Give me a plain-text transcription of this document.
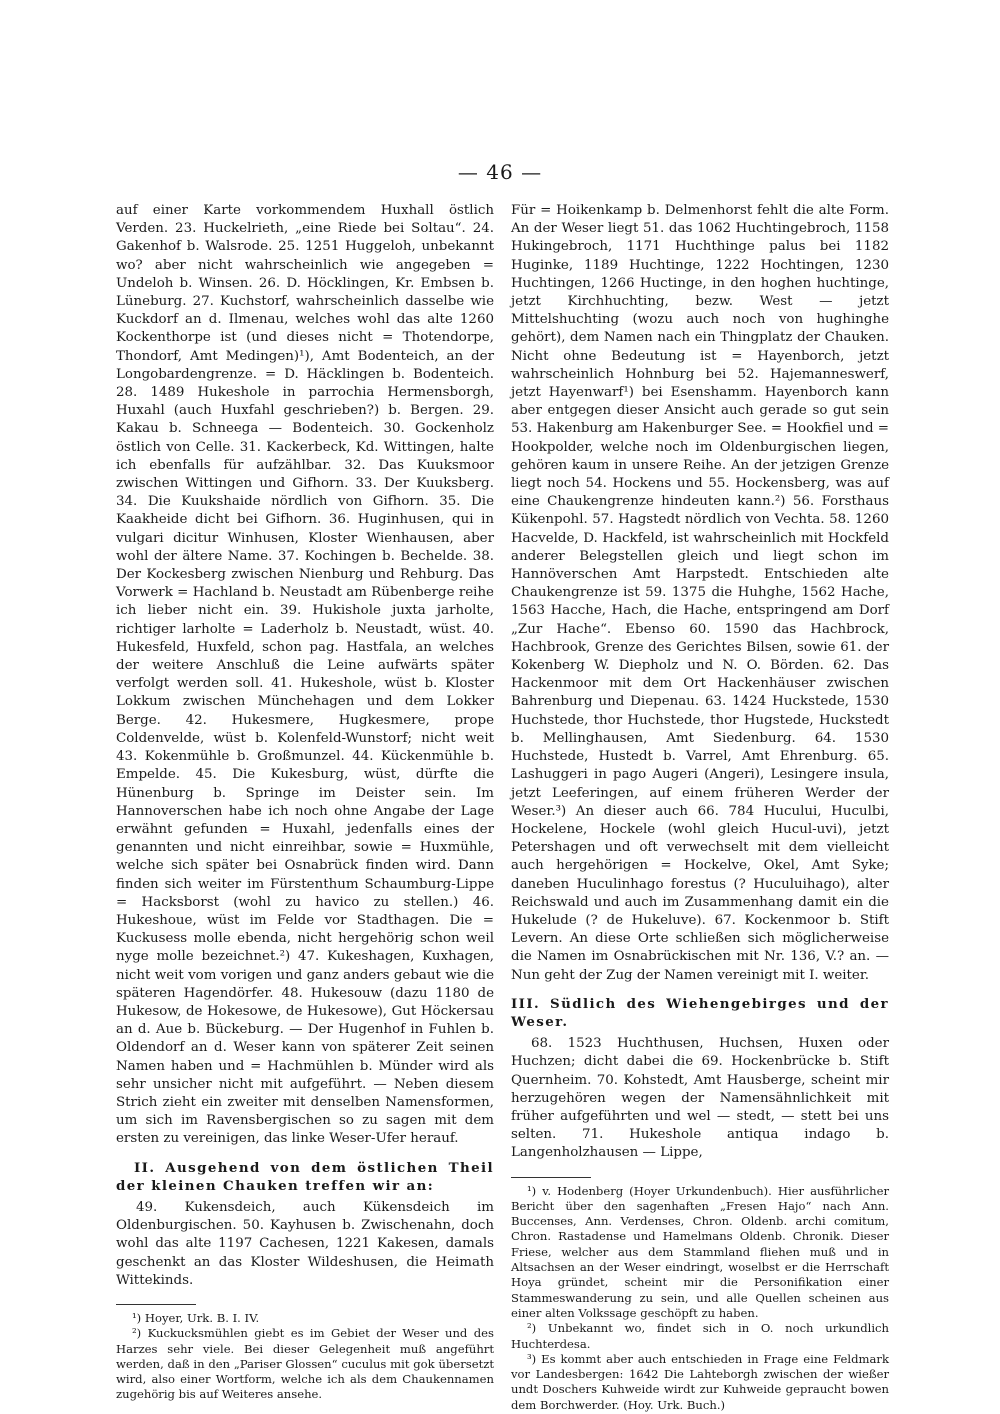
— 46 —

auf einer Karte vorkommendem Huxhall östlich Verden. 23. Huckelrieth, „eine Riede bei Soltau“. 24. Gakenhof b. Walsrode. 25. 1251 Huggeloh, unbekannt wo? aber nicht wahrscheinlich wie angegeben = Undeloh b. Winsen. 26. D. Höcklingen, Kr. Embsen b. Lüneburg. 27. Kuchstorf, wahrscheinlich dasselbe wie Kuckdorf an d. Ilmenau, welches wohl das alte 1260 Kockenthorpe ist (und dieses nicht = Thotendorpe, Thondorf, Amt Medingen)¹), Amt Bodenteich, an der Longobardengrenze. = D. Häcklingen b. Bodenteich. 28. 1489 Hukeshole in parrochia Hermensborgh, Huxahl (auch Huxfahl geschrieben?) b. Bergen. 29. Kakau b. Schneega — Bodenteich. 30. Gockenholz östlich von Celle. 31. Kackerbeck, Kd. Wittingen, halte ich ebenfalls für aufzählbar. 32. Das Kuuksmoor zwischen Wittingen und Gifhorn. 33. Der Kuuksberg. 34. Die Kuukshaide nördlich von Gifhorn. 35. Die Kaakheide dicht bei Gifhorn. 36. Huginhusen, qui in vulgari dicitur Winhusen, Kloster Wienhausen, aber wohl der ältere Name. 37. Kochingen b. Bechelde. 38. Der Kockesberg zwischen Nienburg und Rehburg. Das Vorwerk = Hachland b. Neustadt am Rübenberge reihe ich lieber nicht ein. 39. Hukishole juxta jarholte, richtiger larholte = Laderholz b. Neustadt, wüst. 40. Hukesfeld, Huxfeld, schon pag. Hastfala, an welches der weitere Anschluß die Leine aufwärts später verfolgt werden soll. 41. Hukeshole, wüst b. Kloster Lokkum zwischen Münchehagen und dem Lokker Berge. 42. Hukesmere, Hugkesmere, prope Coldenvelde, wüst b. Kolenfeld-Wunstorf; nicht weit 43. Kokenmühle b. Großmunzel. 44. Kückenmühle b. Empelde. 45. Die Kukesburg, wüst, dürfte die Hünenburg b. Springe im Deister sein. Im Hannoverschen habe ich noch ohne Angabe der Lage erwähnt gefunden = Huxahl, jedenfalls eines der genannten und nicht einreihbar, sowie = Huxmühle, welche sich später bei Osnabrück finden wird. Dann finden sich weiter im Fürstenthum Schaumburg-Lippe = Hacksborst (wohl zu havico zu stellen.) 46. Hukeshoue, wüst im Felde vor Stadthagen. Die = Kuckusess molle ebenda, nicht hergehörig schon weil nyge molle bezeichnet.²) 47. Kukeshagen, Kuxhagen, nicht weit vom vorigen und ganz anders gebaut wie die späteren Hagendörfer. 48. Hukesouw (dazu 1180 de Hukesow, de Hokesowe, de Hukesowe), Gut Höckersau an d. Aue b. Bückeburg. — Der Hugenhof in Fuhlen b. Oldendorf an d. Weser kann von späterer Zeit seinen Namen haben und = Hachmühlen b. Münder wird als sehr unsicher nicht mit aufgeführt. — Neben diesem Strich zieht ein zweiter mit denselben Namensformen, um sich im Ravensbergischen so zu sagen mit dem ersten zu vereinigen, das linke Weser-Ufer herauf.

II. Ausgehend von dem östlichen Theil der kleinen Chauken treffen wir an:

49. Kukensdeich, auch Kükensdeich im Oldenburgischen. 50. Kayhusen b. Zwischenahn, doch wohl das alte 1197 Cachesen, 1221 Kakesen, damals geschenkt an das Kloster Wildeshusen, die Heimath Wittekinds.

¹) Hoyer, Urk. B. I. IV.

²) Kuckucksmühlen giebt es im Gebiet der Weser und des Harzes sehr viele. Bei dieser Gelegenheit muß angeführt werden, daß in den „Pariser Glossen“ cuculus mit gok übersetzt wird, also einer Wortform, welche ich als dem Chaukennamen zugehörig bis auf Weiteres ansehe.

Für = Hoikenkamp b. Delmenhorst fehlt die alte Form. An der Weser liegt 51. das 1062 Huchtingebroch, 1158 Hukingebroch, 1171 Huchthinge palus bei 1182 Huginke, 1189 Huchtinge, 1222 Hochtingen, 1230 Huchtingen, 1266 Huctinge, in den hoghen huchtinge, jetzt Kirchhuchting, bezw. West — jetzt Mittelshuchting (wozu auch noch von hughinghe gehört), dem Namen nach ein Thingplatz der Chauken. Nicht ohne Bedeutung ist = Hayenborch, jetzt wahrscheinlich Hohnburg bei 52. Hajemanneswerf, jetzt Hayenwarf¹) bei Esenshamm. Hayenborch kann aber entgegen dieser Ansicht auch gerade so gut sein 53. Hakenburg am Hakenburger See. = Hookfiel und = Hookpolder, welche noch im Oldenburgischen liegen, gehören kaum in unsere Reihe. An der jetzigen Grenze liegt noch 54. Hockens und 55. Hockensberg, was auf eine Chaukengrenze hindeuten kann.²) 56. Forsthaus Kükenpohl. 57. Hagstedt nördlich von Vechta. 58. 1260 Hacvelde, D. Hackfeld, ist wahrscheinlich mit Hockfeld anderer Belegstellen gleich und liegt schon im Hannöverschen Amt Harpstedt. Entschieden alte Chaukengrenze ist 59. 1375 die Huhghe, 1562 Hache, 1563 Hacche, Hach, die Hache, entspringend am Dorf „Zur Hache“. Ebenso 60. 1590 das Hachbrock, Hachbrook, Grenze des Gerichtes Bilsen, sowie 61. der Kokenberg W. Diepholz und N. O. Börden. 62. Das Hackenmoor mit dem Ort Hackenhäuser zwischen Bahrenburg und Diepenau. 63. 1424 Huckstede, 1530 Huchstede, thor Huchstede, thor Hugstede, Huckstedt b. Mellinghausen, Amt Siedenburg. 64. 1530 Huchstede, Hustedt b. Varrel, Amt Ehrenburg. 65. Lashuggeri in pago Augeri (Angeri), Lesingere insula, jetzt Leeferingen, auf einem früheren Werder der Weser.³) An dieser auch 66. 784 Hucului, Huculbi, Hockelene, Hockele (wohl gleich Hucul-uvi), jetzt Petershagen und oft verwechselt mit dem vielleicht auch hergehörigen = Hockelve, Okel, Amt Syke; daneben Huculinhago forestus (? Huculuihago), alter Reichswald und auch im Zusammenhang damit ein die Hukelude (? de Hukeluve). 67. Kockenmoor b. Stift Levern. An diese Orte schließen sich möglicherweise die Namen im Osnabrückischen mit Nr. 136, V.? an. — Nun geht der Zug der Namen vereinigt mit I. weiter.

III. Südlich des Wiehengebirges und der Weser.

68. 1523 Huchthusen, Huchsen, Huxen oder Huchzen; dicht dabei die 69. Hockenbrücke b. Stift Quernheim. 70. Kohstedt, Amt Hausberge, scheint mir herzugehören wegen der Namensähnlichkeit mit früher aufgeführten und wel — stedt, — stett bei uns selten. 71. Hukeshole antiqua indago b. Langenholzhausen — Lippe,

¹) v. Hodenberg (Hoyer Urkundenbuch). Hier ausführlicher Bericht über den sagenhaften „Fresen Hajo“ nach Ann. Buccenses, Ann. Verdenses, Chron. Oldenb. archi comitum, Chron. Rastadense und Hamelmans Oldenb. Chronik. Dieser Friese, welcher aus dem Stammland fliehen muß und in Altsachsen an der Weser eindringt, woselbst er die Herrschaft Hoya gründet, scheint mir die Personifikation einer Stammeswanderung zu sein, und alle Quellen scheinen aus einer alten Volkssage geschöpft zu haben.

²) Unbekannt wo, findet sich in O. noch urkundlich Huchterdesa.

³) Es kommt aber auch entschieden in Frage eine Feldmark vor Landesbergen: 1642 Die Lahteborgh zwischen der wießer undt Doschers Kuhweide wirdt zur Kuhweide gepraucht bowen dem Borchwerder. (Hoy. Urk. Buch.)
